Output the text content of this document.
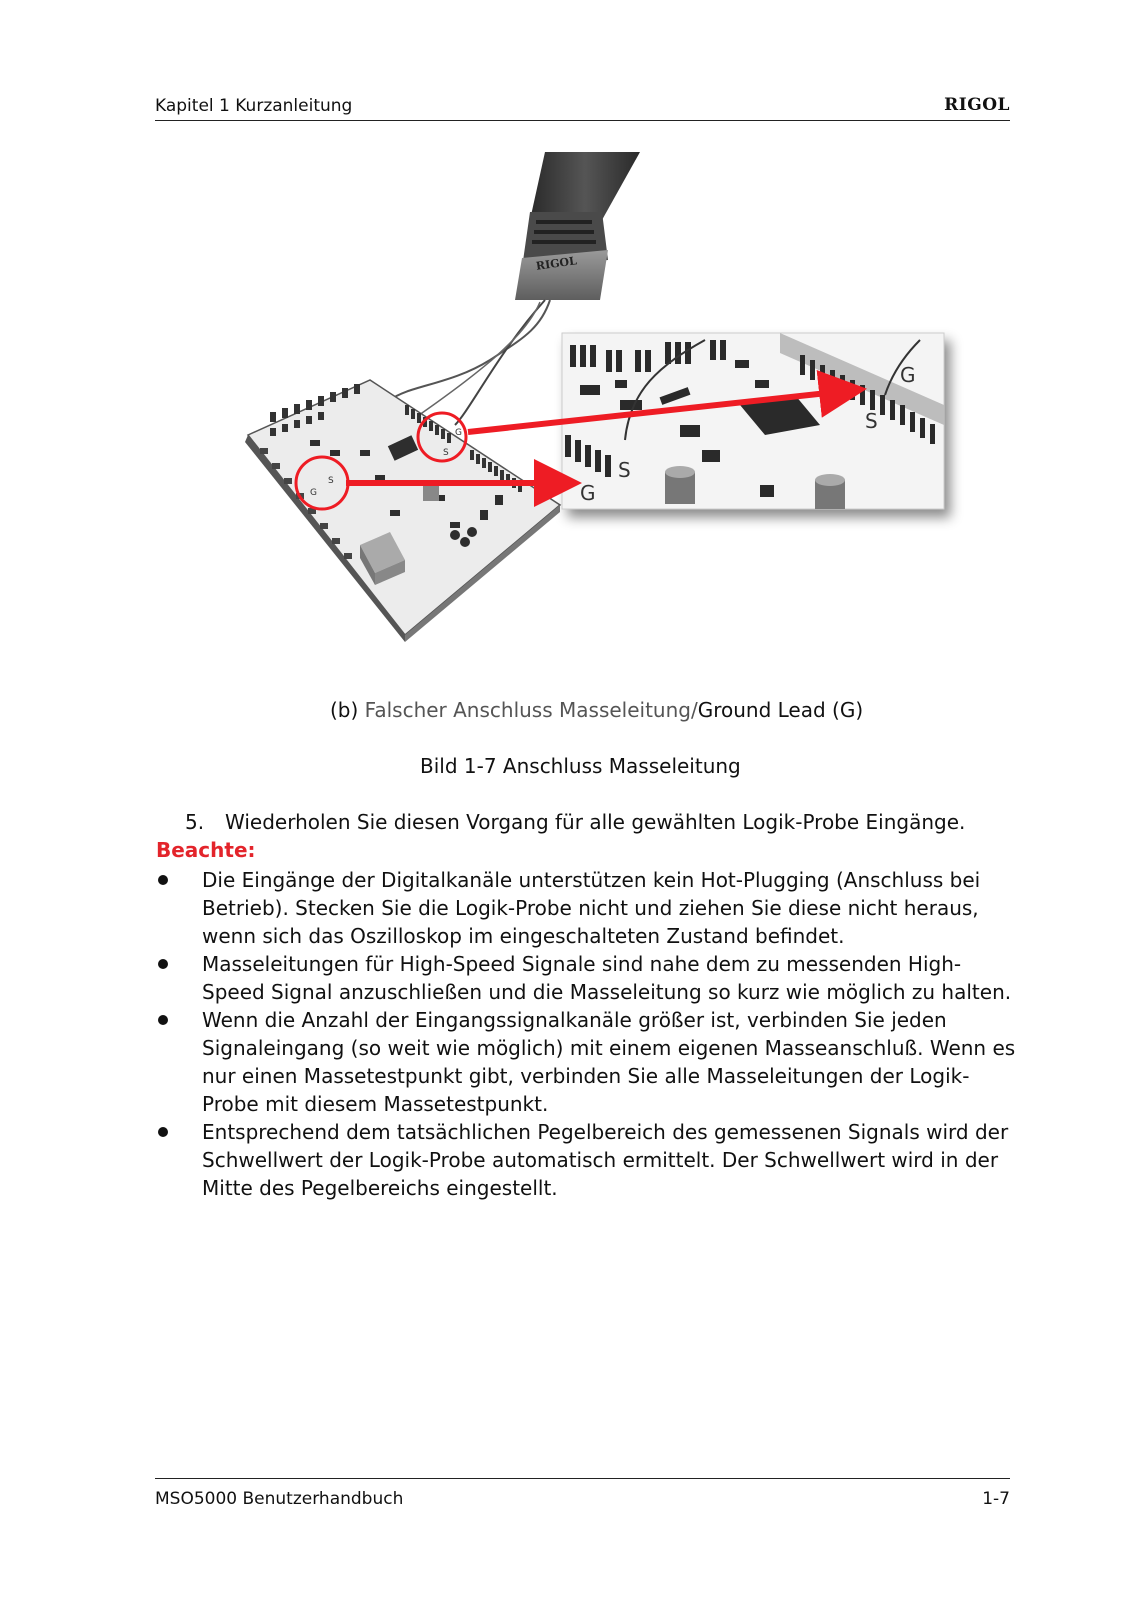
Kapitel 1 Kurzanleitung	RIGOL
RIGOL
G
S
G
S
G
S
S
G
(b) Falscher Anschluss Masseleitung/Ground Lead (G)
Bild 1-7 Anschluss Masseleitung
5. Wiederholen Sie diesen Vorgang für alle gewählten Logik-Probe Eingänge.
Beachte:
Die Eingänge der Digitalkanäle unterstützen kein Hot-Plugging (Anschluss bei Betrieb). Stecken Sie die Logik-Probe nicht und ziehen Sie diese nicht heraus, wenn sich das Oszilloskop im eingeschalteten Zustand befindet.
Masseleitungen für High-Speed Signale sind nahe dem zu messenden High-Speed Signal anzuschließen und die Masseleitung so kurz wie möglich zu halten.
Wenn die Anzahl der Eingangssignalkanäle größer ist, verbinden Sie jeden Signaleingang (so weit wie möglich) mit einem eigenen Masseanschluß. Wenn es nur einen Massetestpunkt gibt, verbinden Sie alle Masseleitungen der Logik-Probe mit diesem Massetestpunkt.
Entsprechend dem tatsächlichen Pegelbereich des gemessenen Signals wird der Schwellwert der Logik-Probe automatisch ermittelt. Der Schwellwert wird in der Mitte des Pegelbereichs eingestellt.
MSO5000 Benutzerhandbuch	1-7
